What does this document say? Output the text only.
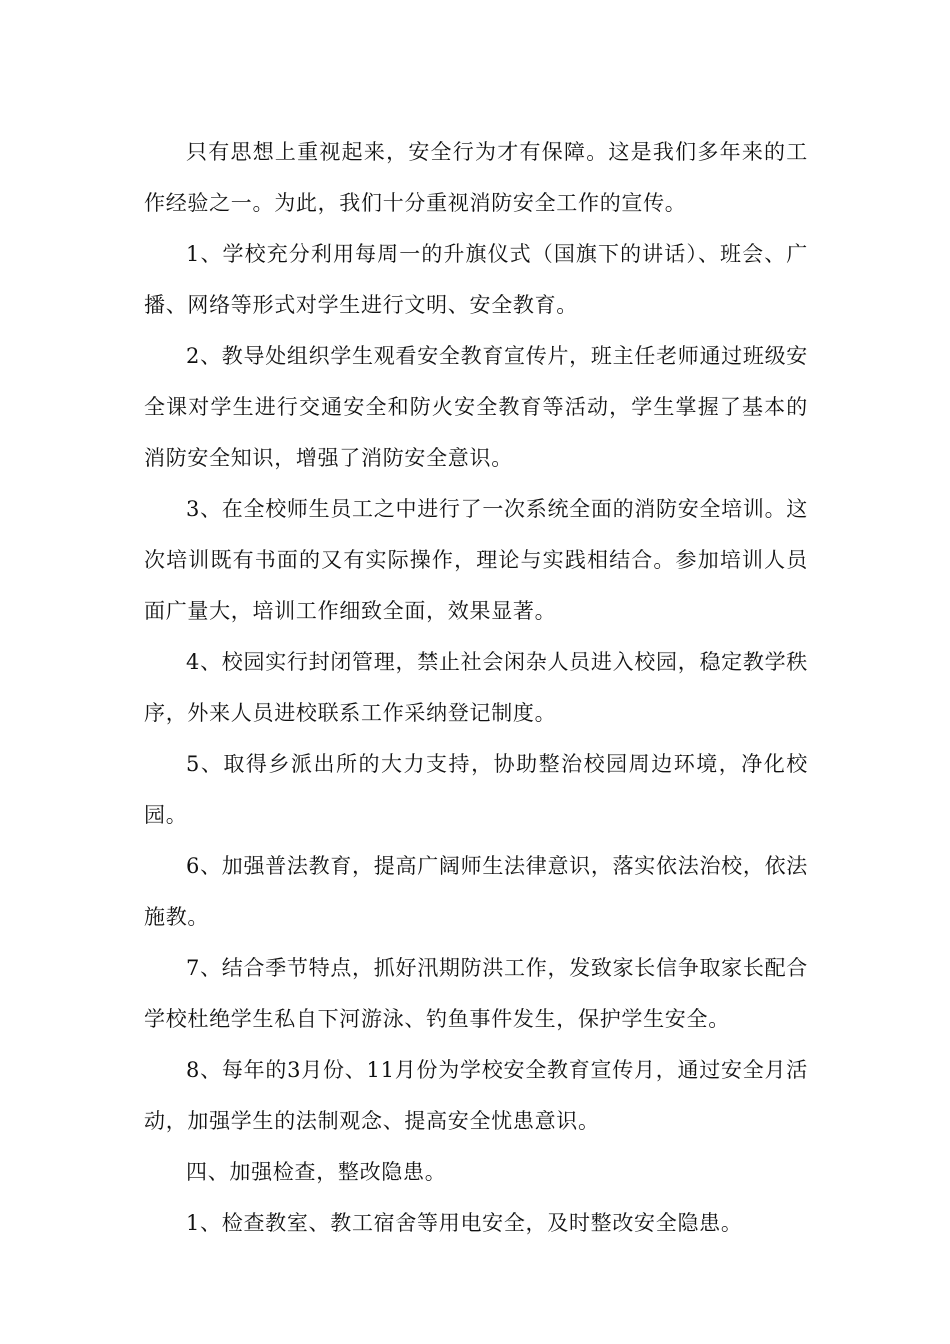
只有思想上重视起来，安全行为才有保障。这是我们多年来的工作经验之一。为此，我们十分重视消防安全工作的宣传。

1、学校充分利用每周一的升旗仪式（国旗下的讲话）、班会、广播、网络等形式对学生进行文明、安全教育。

2、教导处组织学生观看安全教育宣传片，班主任老师通过班级安全课对学生进行交通安全和防火安全教育等活动，学生掌握了基本的消防安全知识，增强了消防安全意识。

3、在全校师生员工之中进行了一次系统全面的消防安全培训。这次培训既有书面的又有实际操作，理论与实践相结合。参加培训人员面广量大，培训工作细致全面，效果显著。

4、校园实行封闭管理，禁止社会闲杂人员进入校园，稳定教学秩序，外来人员进校联系工作采纳登记制度。

5、取得乡派出所的大力支持，协助整治校园周边环境，净化校园。

6、加强普法教育，提高广阔师生法律意识，落实依法治校，依法施教。

7、结合季节特点，抓好汛期防洪工作，发致家长信争取家长配合学校杜绝学生私自下河游泳、钓鱼事件发生，保护学生安全。

8、每年的3月份、11月份为学校安全教育宣传月，通过安全月活动，加强学生的法制观念、提高安全忧患意识。

四、加强检查，整改隐患。

1、检查教室、教工宿舍等用电安全，及时整改安全隐患。
